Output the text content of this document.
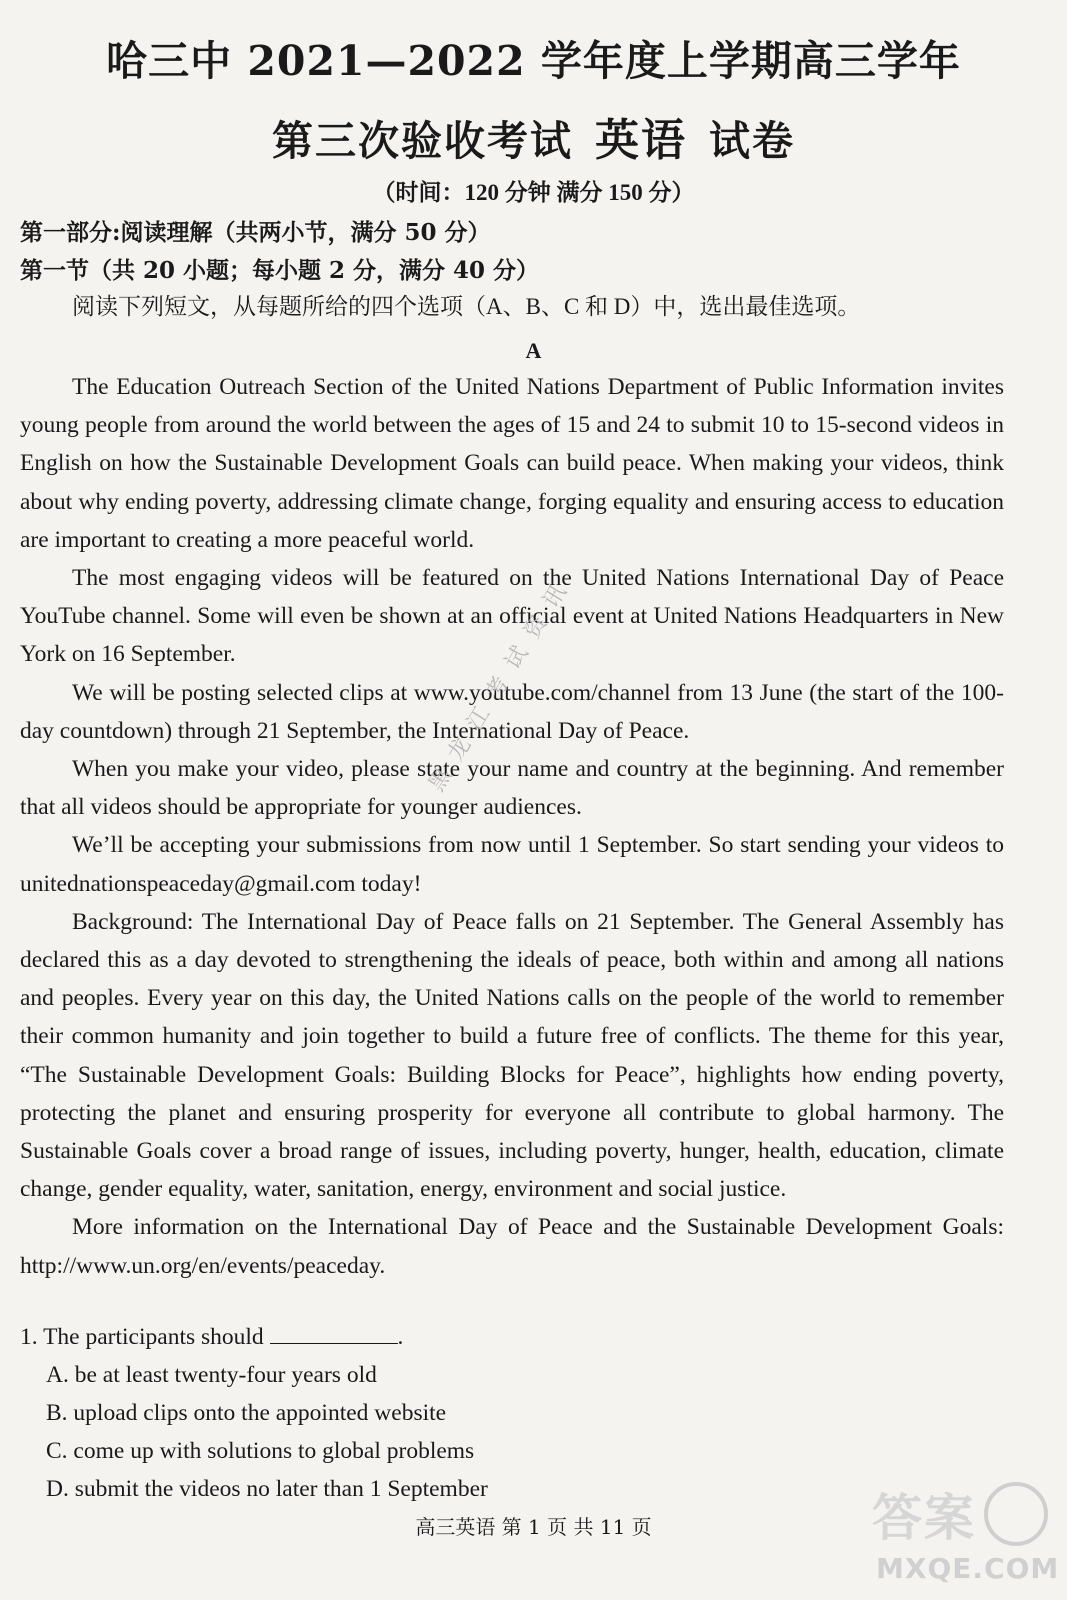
哈三中 2021—2022 学年度上学期高三学年
第三次验收考试 英语 试卷
（时间：120 分钟 满分 150 分）
第一部分:阅读理解（共两小节，满分 50 分）
第一节（共 20 小题；每小题 2 分，满分 40 分）
阅读下列短文，从每题所给的四个选项（A、B、C 和 D）中，选出最佳选项。
A

The Education Outreach Section of the United Nations Department of Public Information invites young people from around the world between the ages of 15 and 24 to submit 10 to 15-second videos in English on how the Sustainable Development Goals can build peace. When making your videos, think about why ending poverty, addressing climate change, forging equality and ensuring access to education are important to creating a more peaceful world.

The most engaging videos will be featured on the United Nations International Day of Peace YouTube channel. Some will even be shown at an official event at United Nations Headquarters in New York on 16 September.

We will be posting selected clips at www.youtube.com/channel from 13 June (the start of the 100-day countdown) through 21 September, the International Day of Peace.

When you make your video, please state your name and country at the beginning. And remember that all videos should be appropriate for younger audiences.

We’ll be accepting your submissions from now until 1 September. So start sending your videos to unitednationspeaceday@gmail.com today!

Background: The International Day of Peace falls on 21 September. The General Assembly has declared this as a day devoted to strengthening the ideals of peace, both within and among all nations and peoples. Every year on this day, the United Nations calls on the people of the world to remember their common humanity and join together to build a future free of conflicts. The theme for this year, “The Sustainable Development Goals: Building Blocks for Peace”, highlights how ending poverty, protecting the planet and ensuring prosperity for everyone all contribute to global harmony. The Sustainable Goals cover a broad range of issues, including poverty, hunger, health, education, climate change, gender equality, water, sanitation, energy, environment and social justice.

More information on the International Day of Peace and the Sustainable Development Goals: http://www.un.org/en/events/peaceday.

1. The participants should	.
A. be at least twenty-four years old
B. upload clips onto the appointed website
C. come up with solutions to global problems
D. submit the videos no later than 1 September
高三英语 第 1 页 共 11 页
黑龙江考试资讯
答案
MXQE.COM
